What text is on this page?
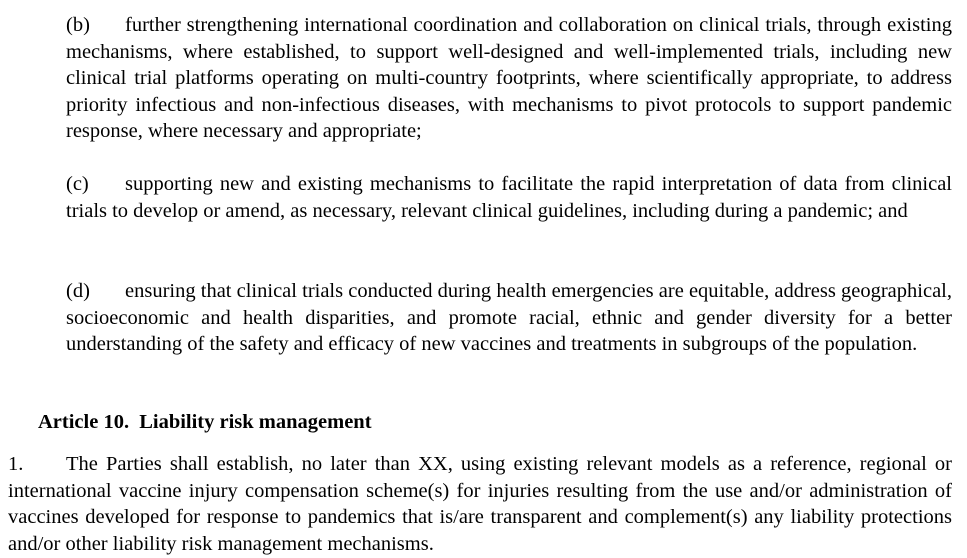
(b) further strengthening international coordination and collaboration on clinical trials, through existing mechanisms, where established, to support well-designed and well-implemented trials, including new clinical trial platforms operating on multi-country footprints, where scientifically appropriate, to address priority infectious and non-infectious diseases, with mechanisms to pivot protocols to support pandemic response, where necessary and appropriate;
(c) supporting new and existing mechanisms to facilitate the rapid interpretation of data from clinical trials to develop or amend, as necessary, relevant clinical guidelines, including during a pandemic; and
(d) ensuring that clinical trials conducted during health emergencies are equitable, address geographical, socioeconomic and health disparities, and promote racial, ethnic and gender diversity for a better understanding of the safety and efficacy of new vaccines and treatments in subgroups of the population.
Article 10. Liability risk management
1. The Parties shall establish, no later than XX, using existing relevant models as a reference, regional or international vaccine injury compensation scheme(s) for injuries resulting from the use and/or administration of vaccines developed for response to pandemics that is/are transparent and complement(s) any liability protections and/or other liability risk management mechanisms.
